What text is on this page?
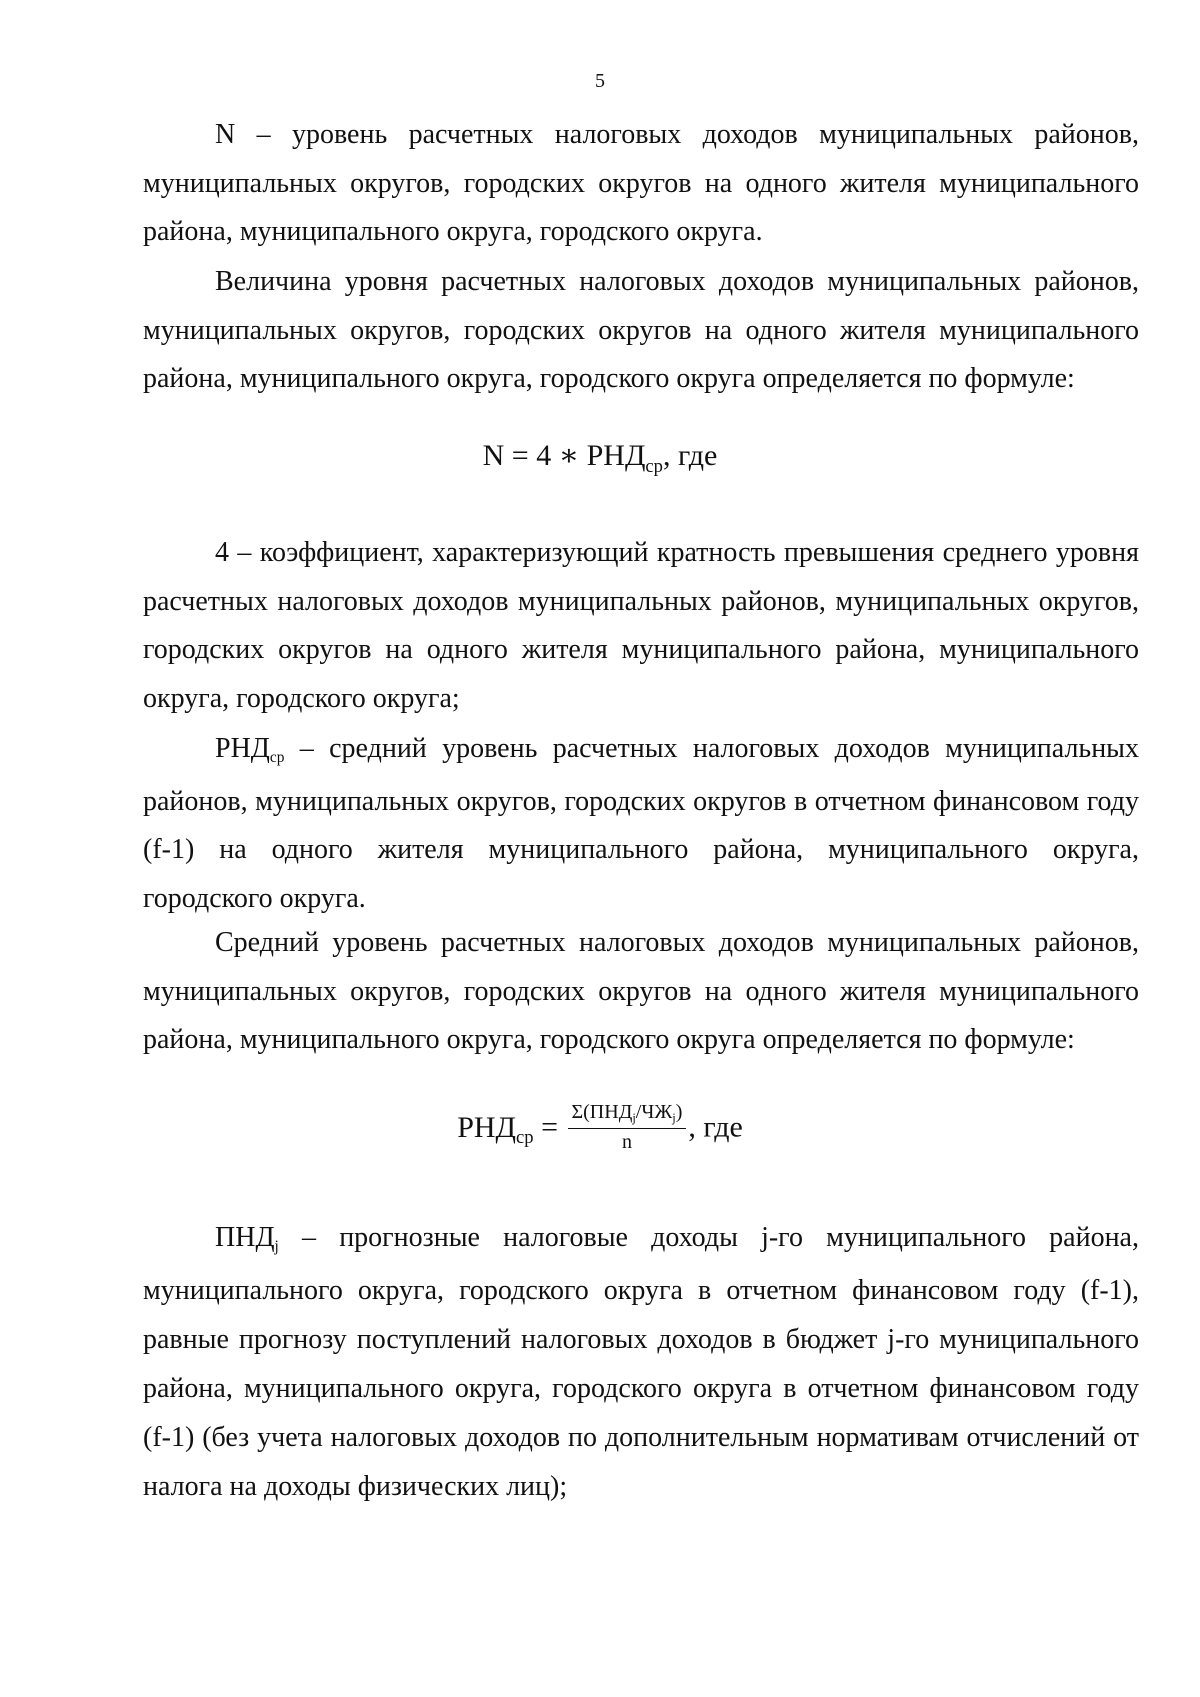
5

N – уровень расчетных налоговых доходов муниципальных районов, муниципальных округов, городских округов на одного жителя муниципального района, муниципального округа, городского округа.

Величина уровня расчетных налоговых доходов муниципальных районов, муниципальных округов, городских округов на одного жителя муниципального района, муниципального округа, городского округа определяется по формуле:

N = 4 ∗ $РНД_{ср}$, где

4 – коэффициент, характеризующий кратность превышения среднего уровня расчетных налоговых доходов муниципальных районов, муниципальных округов, городских округов на одного жителя муниципального района, муниципального округа, городского округа;

РНДср – средний уровень расчетных налоговых доходов муниципальных районов, муниципальных округов, городских округов в отчетном финансовом году (f-1) на одного жителя муниципального района, муниципального округа, городского округа.

Средний уровень расчетных налоговых доходов муниципальных районов, муниципальных округов, городских округов на одного жителя муниципального района, муниципального округа, городского округа определяется по формуле:

$РНД_{ср} = \frac{\Sigma(ПНД_j/ЧЖ_j)}{n}$ , где

ПНДj – прогнозные налоговые доходы j-го муниципального района, муниципального округа, городского округа в отчетном финансовом году (f-1), равные прогнозу поступлений налоговых доходов в бюджет j-го муниципального района, муниципального округа, городского округа в отчетном финансовом году (f-1) (без учета налоговых доходов по дополнительным нормативам отчислений от налога на доходы физических лиц);
